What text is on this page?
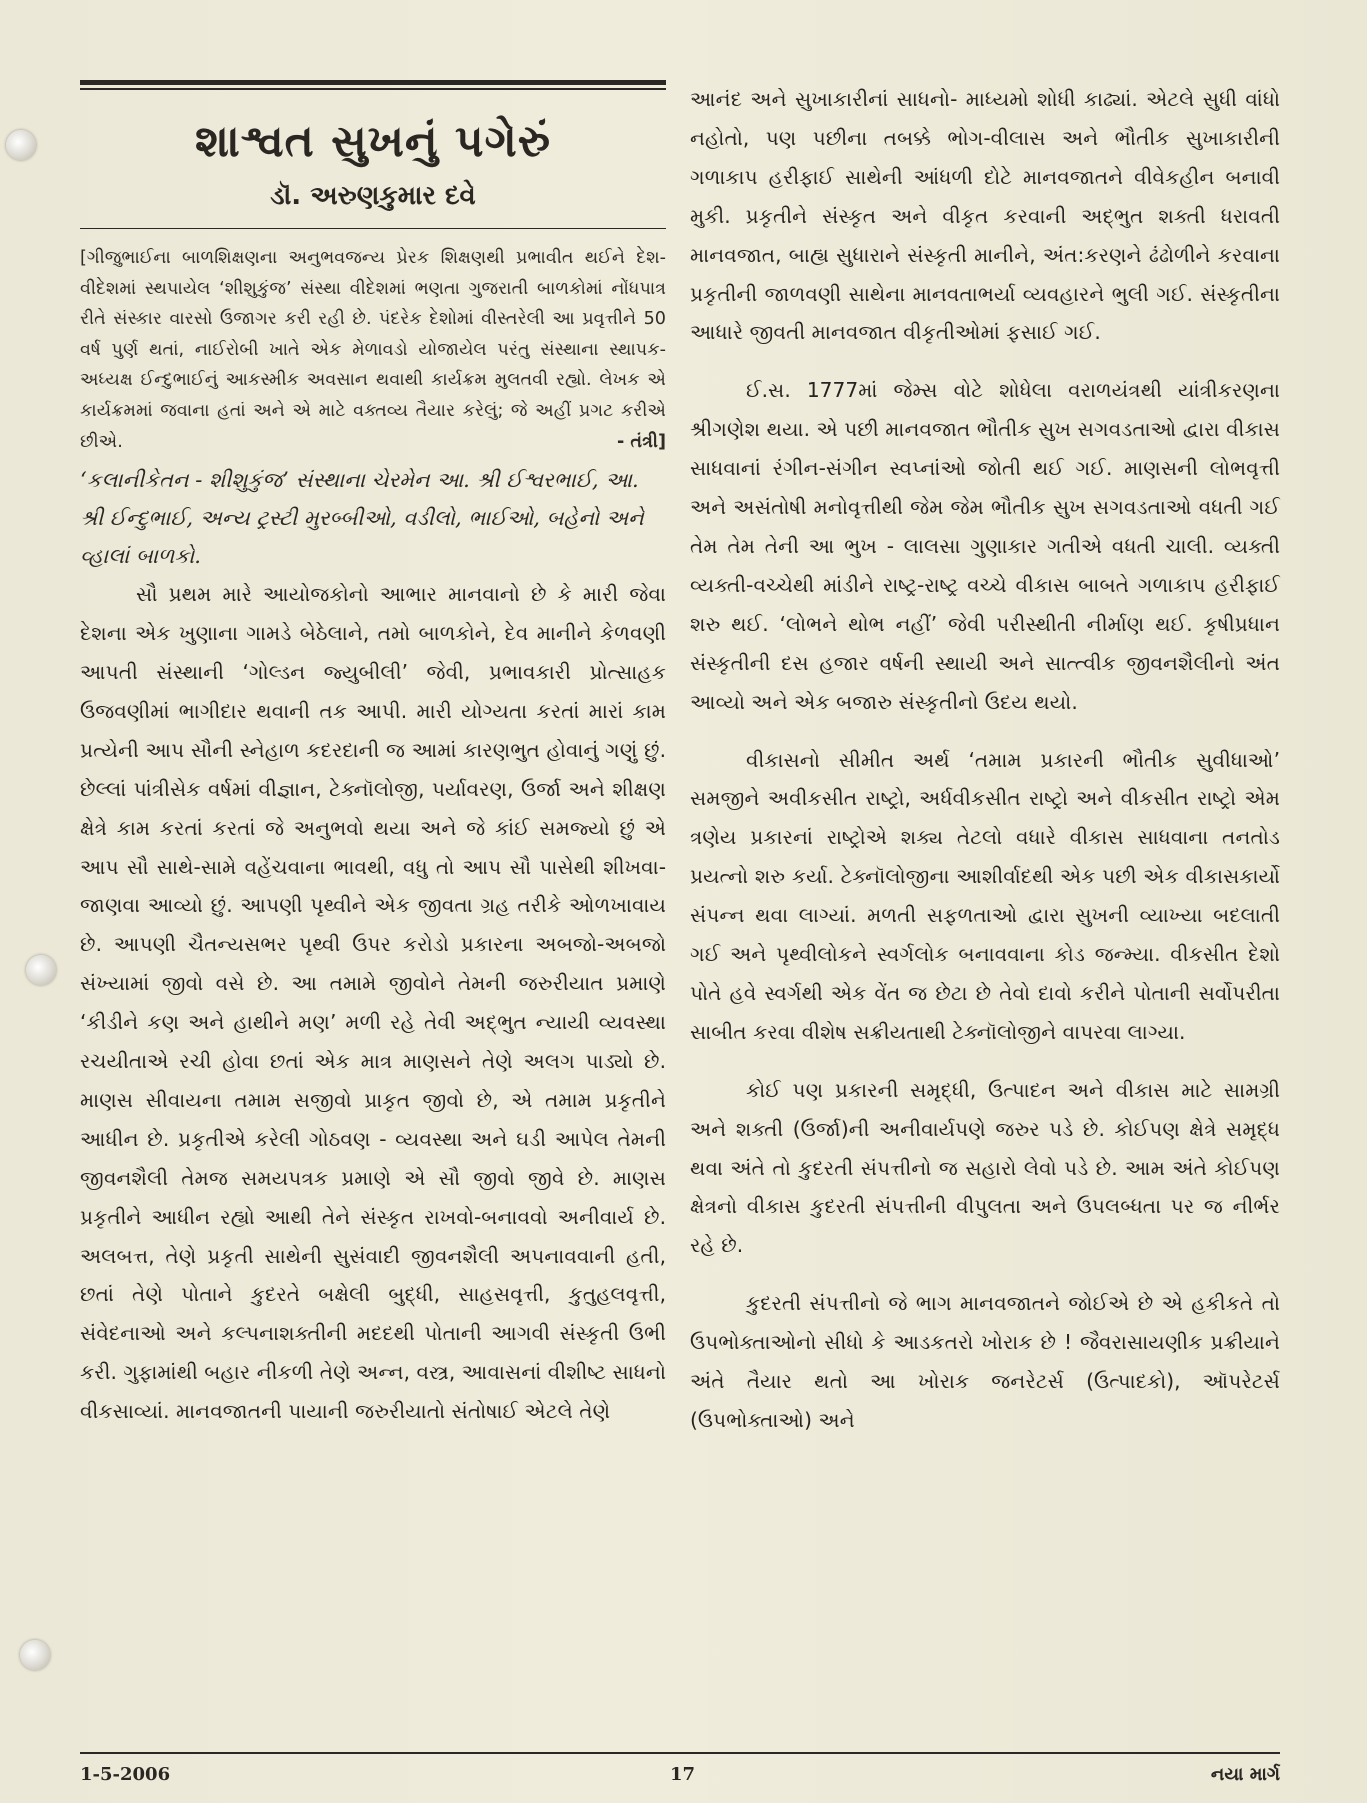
શાશ્વત સુખનું પગેરું
ડૉ. અરુણકુમાર દવે
[ગીજુભાઈના બાળશિક્ષણના અનુભવજન્ય પ્રેરક શિક્ષણથી પ્રભાવીત થઈને દેશ-વીદેશમાં સ્થપાયેલ ‘શીશુકુંજ’ સંસ્થા વીદેશમાં ભણતા ગુજરાતી બાળકોમાં નોંધપાત્ર રીતે સંસ્કાર વારસો ઉજાગર કરી રહી છે. પંદરેક દેશોમાં વીસ્તરેલી આ પ્રવૃત્તીને 50 વર્ષ પુર્ણ થતાં, નાઈરોબી ખાતે એક મેળાવડો યોજાયેલ પરંતુ સંસ્થાના સ્થાપક-અધ્યક્ષ ઈન્દુભાઈનું આકસ્મીક અવસાન થવાથી કાર્યક્રમ મુલતવી રહ્યો. લેખક એ કાર્યક્રમમાં જવાના હતાં અને એ માટે વક્તવ્ય તૈયાર કરેલું; જે અહીં પ્રગટ કરીએ છીએ.	- તંત્રી]
‘કલાનીકેતન - શીશુકુંજ’ સંસ્થાના ચેરમેન આ. શ્રી ઈશ્વરભાઈ, આ. શ્રી ઈન્દુભાઈ, અન્ય ટ્રસ્ટી મુરબ્બીઓ, વડીલો, ભાઈઓ, બહેનો અને વ્હાલાં બાળકો.

સૌ પ્રથમ મારે આયોજકોનો આભાર માનવાનો છે કે મારી જેવા દેશના એક ખુણાના ગામડે બેઠેલાને, તમો બાળકોને, દેવ માનીને કેળવણી આપતી સંસ્થાની ‘ગોલ્ડન જ્યુબીલી’ જેવી, પ્રભાવકારી પ્રોત્સાહક ઉજવણીમાં ભાગીદાર થવાની તક આપી. મારી યોગ્યતા કરતાં મારાં કામ પ્રત્યેની આપ સૌની સ્નેહાળ કદરદાની જ આમાં કારણભુત હોવાનું ગણું છું. છેલ્લાં પાંત્રીસેક વર્ષમાં વીજ્ઞાન, ટેક્નૉલોજી, પર્યાવરણ, ઉર્જા અને શીક્ષણ ક્ષેત્રે કામ કરતાં કરતાં જે અનુભવો થયા અને જે કાંઈ સમજ્યો છું એ આપ સૌ સાથે-સામે વહેંચવાના ભાવથી, વધુ તો આપ સૌ પાસેથી શીખવા-જાણવા આવ્યો છું. આપણી પૃથ્વીને એક જીવતા ગ્રહ તરીકે ઓળખાવાય છે. આપણી ચૈતન્યસભર પૃથ્વી ઉપર કરોડો પ્રકારના અબજો-અબજો સંખ્યામાં જીવો વસે છે. આ તમામે જીવોને તેમની જરુરીયાત પ્રમાણે ‘કીડીને કણ અને હાથીને મણ’ મળી રહે તેવી અદ્‌ભુત ન્યાયી વ્યવસ્થા રચયીતાએ રચી હોવા છતાં એક માત્ર માણસને તેણે અલગ પાડ્યો છે. માણસ સીવાયના તમામ સજીવો પ્રાકૃત જીવો છે, એ તમામ પ્રકૃતીને આધીન છે. પ્રકૃતીએ કરેલી ગોઠવણ - વ્યવસ્થા અને ઘડી આપેલ તેમની જીવનશૈલી તેમજ સમયપત્રક પ્રમાણે એ સૌ જીવો જીવે છે. માણસ પ્રકૃતીને આધીન રહ્યો આથી તેને સંસ્કૃત રાખવો-બનાવવો અનીવાર્ય છે. અલબત્ત, તેણે પ્રકૃતી સાથેની સુસંવાદી જીવનશૈલી અપનાવવાની હતી, છતાં તેણે પોતાને કુદરતે બક્ષેલી બુદ્ધી, સાહસવૃત્તી, કુતુહલવૃત્તી, સંવેદનાઓ અને કલ્પનાશક્તીની મદદથી પોતાની આગવી સંસ્કૃતી ઉભી કરી. ગુફામાંથી બહાર નીકળી તેણે અન્ન, વસ્ત્ર, આવાસનાં વીશીષ્ટ સાધનો વીકસાવ્યાં. માનવજાતની પાયાની જરુરીયાતો સંતોષાઈ એટલે તેણે

આનંદ અને સુખાકારીનાં સાધનો- માધ્યમો શોધી કાઢ્યાં. એટલે સુધી વાંધો નહોતો, પણ પછીના તબક્કે ભોગ-વીલાસ અને ભૌતીક સુખાકારીની ગળાકાપ હરીફાઈ સાથેની આંધળી દોટે માનવજાતને વીવેકહીન બનાવી મુકી. પ્રકૃતીને સંસ્કૃત અને વીકૃત કરવાની અદ્‌ભુત શક્તી ધરાવતી માનવજાત, બાહ્ય સુધારાને સંસ્કૃતી માનીને, અંત:કરણને ઢંઢોળીને કરવાના પ્રકૃતીની જાળવણી સાથેના માનવતાભર્યા વ્યવહારને ભુલી ગઈ. સંસ્કૃતીના આધારે જીવતી માનવજાત વીકૃતીઓમાં ફસાઈ ગઈ.

ઈ.સ. 1777માં જેમ્સ વોટે શોધેલા વરાળયંત્રથી યાંત્રીકરણના શ્રીગણેશ થયા. એ પછી માનવજાત ભૌતીક સુખ સગવડતાઓ દ્વારા વીકાસ સાધવાનાં રંગીન-સંગીન સ્વપ્નાંઓ જોતી થઈ ગઈ. માણસની લોભવૃત્તી અને અસંતોષી મનોવૃત્તીથી જેમ જેમ ભૌતીક સુખ સગવડતાઓ વધતી ગઈ તેમ તેમ તેની આ ભુખ - લાલસા ગુણાકાર ગતીએ વધતી ચાલી. વ્યક્તી વ્યક્તી-વચ્ચેથી માંડીને રાષ્ટ્ર-રાષ્ટ્ર વચ્ચે વીકાસ બાબતે ગળાકાપ હરીફાઈ શરુ થઈ. ‘લોભને થોભ નહીં’ જેવી પરીસ્થીતી નીર્માણ થઈ. કૃષીપ્રધાન સંસ્કૃતીની દસ હજાર વર્ષની સ્થાયી અને સાત્ત્વીક જીવનશૈલીનો અંત આવ્યો અને એક બજારુ સંસ્કૃતીનો ઉદય થયો.

વીકાસનો સીમીત અર્થ ‘તમામ પ્રકારની ભૌતીક સુવીધાઓ’ સમજીને અવીકસીત રાષ્ટ્રો, અર્ધવીકસીત રાષ્ટ્રો અને વીકસીત રાષ્ટ્રો એમ ત્રણેય પ્રકારનાં રાષ્ટ્રોએ શક્ય તેટલો વધારે વીકાસ સાધવાના તનતોડ પ્રયત્નો શરુ કર્યા. ટેક્નૉલોજીના આશીર્વાદથી એક પછી એક વીકાસકાર્યો સંપન્ન થવા લાગ્યાં. મળતી સફળતાઓ દ્વારા સુખની વ્યાખ્યા બદલાતી ગઈ અને પૃથ્વીલોકને સ્વર્ગલોક બનાવવાના કોડ જન્મ્યા. વીકસીત દેશો પોતે હવે સ્વર્ગથી એક વેંત જ છેટા છે તેવો દાવો કરીને પોતાની સર્વોપરીતા સાબીત કરવા વીશેષ સક્રીયતાથી ટેક્નૉલોજીને વાપરવા લાગ્યા.

કોઈ પણ પ્રકારની સમૃદ્ધી, ઉત્પાદન અને વીકાસ માટે સામગ્રી અને શક્તી (ઉર્જા)ની અનીવાર્યપણે જરુર પડે છે. કોઈપણ ક્ષેત્રે સમૃદ્ધ થવા અંતે તો કુદરતી સંપત્તીનો જ સહારો લેવો પડે છે. આમ અંતે કોઈપણ ક્ષેત્રનો વીકાસ કુદરતી સંપત્તીની વીપુલતા અને ઉપલબ્ધતા પર જ નીર્ભર રહે છે.

કુદરતી સંપત્તીનો જે ભાગ માનવજાતને જોઈએ છે એ હકીકતે તો ઉપભોક્તાઓનો સીધો કે આડકતરો ખોરાક છે ! જૈવરાસાયણીક પ્રક્રીયાને અંતે તૈયાર થતો આ ખોરાક જનરેટર્સ (ઉત્પાદકો), ઑપરેટર્સ (ઉપભોક્તાઓ) અને

1-5-2006	17	નયા માર્ગ
